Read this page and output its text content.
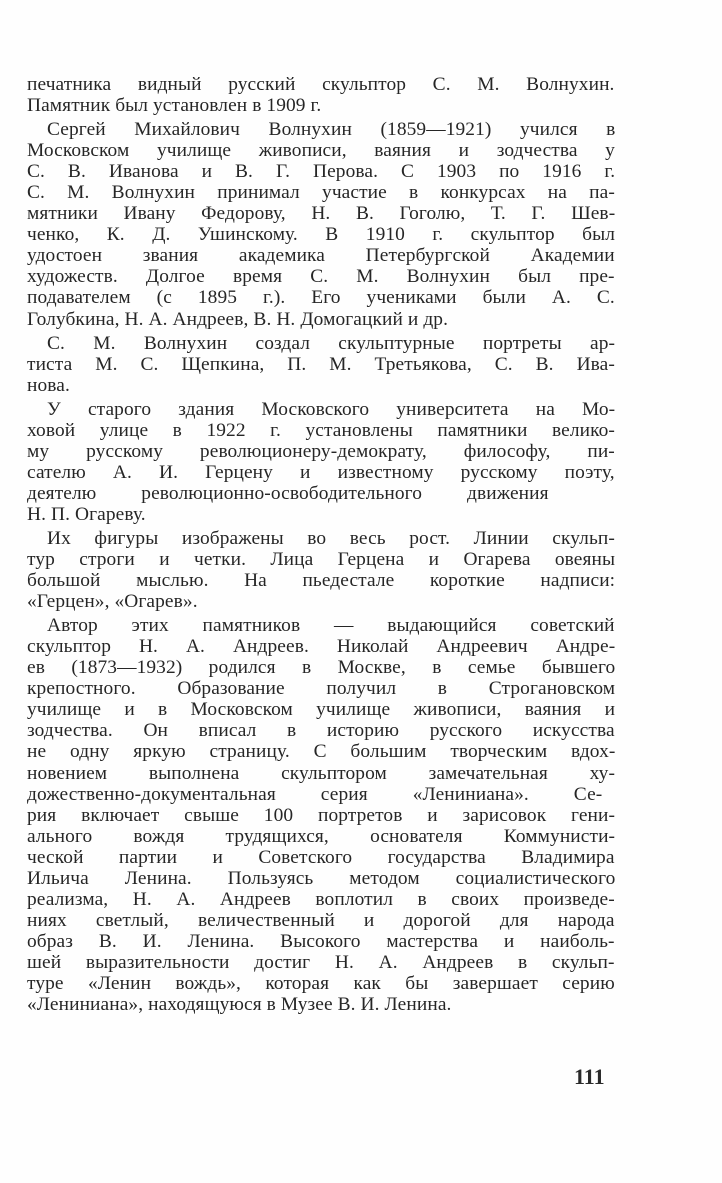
печатника видный русский скульптор С. М. Волнухин.
Памятник был установлен в 1909 г.
Сергей Михайлович Волнухин (1859—1921) учился в
Московском училище живописи, ваяния и зодчества у
С. В. Иванова и В. Г. Перова. С 1903 по 1916 г.
С. М. Волнухин принимал участие в конкурсах на па-
мятники Ивану Федорову, Н. В. Гоголю, Т. Г. Шев-
ченко, К. Д. Ушинскому. В 1910 г. скульптор был
удостоен звания академика Петербургской Академии
художеств. Долгое время С. М. Волнухин был пре-
подавателем (с 1895 г.). Его учениками были А. С.
Голубкина, Н. А. Андреев, В. Н. Домогацкий и др.
С. М. Волнухин создал скульптурные портреты ар-
тиста М. С. Щепкина, П. М. Третьякова, С. В. Ива-
нова.
У старого здания Московского университета на Мо-
ховой улице в 1922 г. установлены памятники велико-
му русскому революционеру-демократу, философу, пи-
сателю А. И. Герцену и известному русскому поэту,
деятелю революционно-освободительного движения
Н. П. Огареву.
Их фигуры изображены во весь рост. Линии скульп-
тур строги и четки. Лица Герцена и Огарева овеяны
большой мыслью. На пьедестале короткие надписи:
«Герцен», «Огарев».
Автор этих памятников — выдающийся советский
скульптор Н. А. Андреев. Николай Андреевич Андре-
ев (1873—1932) родился в Москве, в семье бывшего
крепостного. Образование получил в Строгановском
училище и в Московском училище живописи, ваяния и
зодчества. Он вписал в историю русского искусства
не одну яркую страницу. С большим творческим вдох-
новением выполнена скульптором замечательная ху-
дожественно-документальная серия «Лениниана». Се-
рия включает свыше 100 портретов и зарисовок гени-
ального вождя трудящихся, основателя Коммунисти-
ческой партии и Советского государства Владимира
Ильича Ленина. Пользуясь методом социалистического
реализма, Н. А. Андреев воплотил в своих произведе-
ниях светлый, величественный и дорогой для народа
образ В. И. Ленина. Высокого мастерства и наиболь-
шей выразительности достиг Н. А. Андреев в скульп-
туре «Ленин вождь», которая как бы завершает серию
«Лениниана», находящуюся в Музее В. И. Ленина.
111
